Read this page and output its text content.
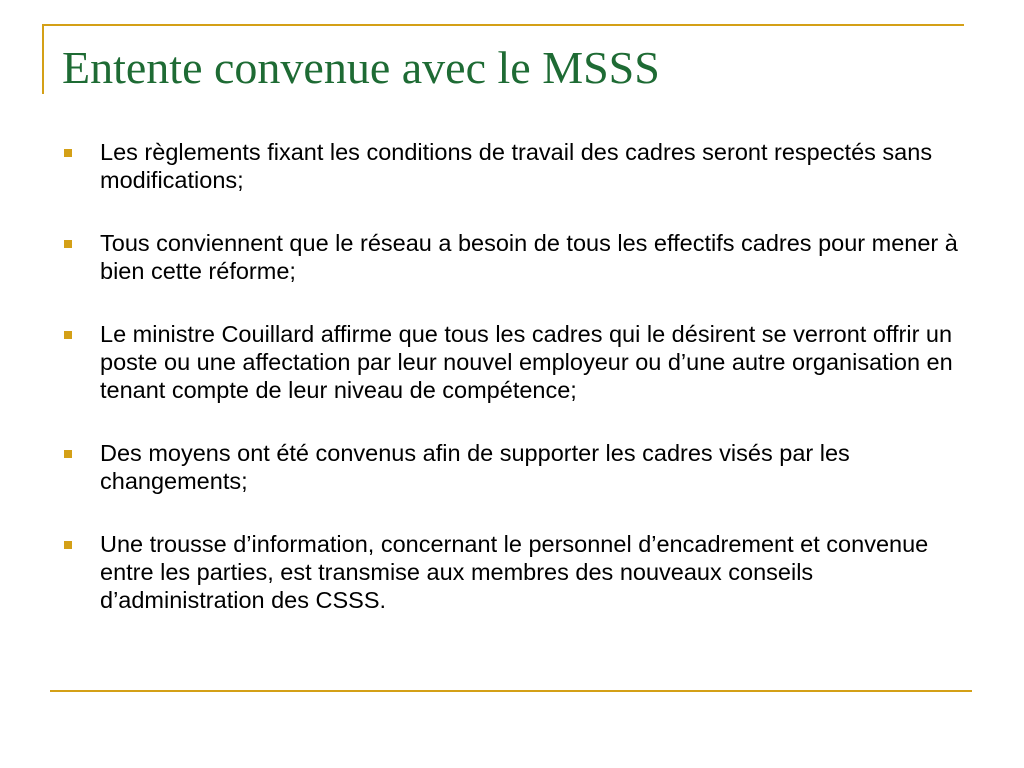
Entente convenue avec le MSSS
Les règlements fixant les conditions de travail des cadres seront respectés sans modifications;
Tous conviennent que le réseau a besoin de tous les effectifs cadres pour mener à bien cette réforme;
Le ministre Couillard affirme que tous les cadres qui le désirent se verront offrir un poste ou une affectation par leur nouvel employeur ou d’une autre organisation en tenant compte de leur niveau de compétence;
Des moyens ont été convenus afin de supporter les cadres visés par les changements;
Une trousse d’information, concernant le personnel d’encadrement et convenue entre les parties, est transmise aux membres des nouveaux conseils d’administration des CSSS.
